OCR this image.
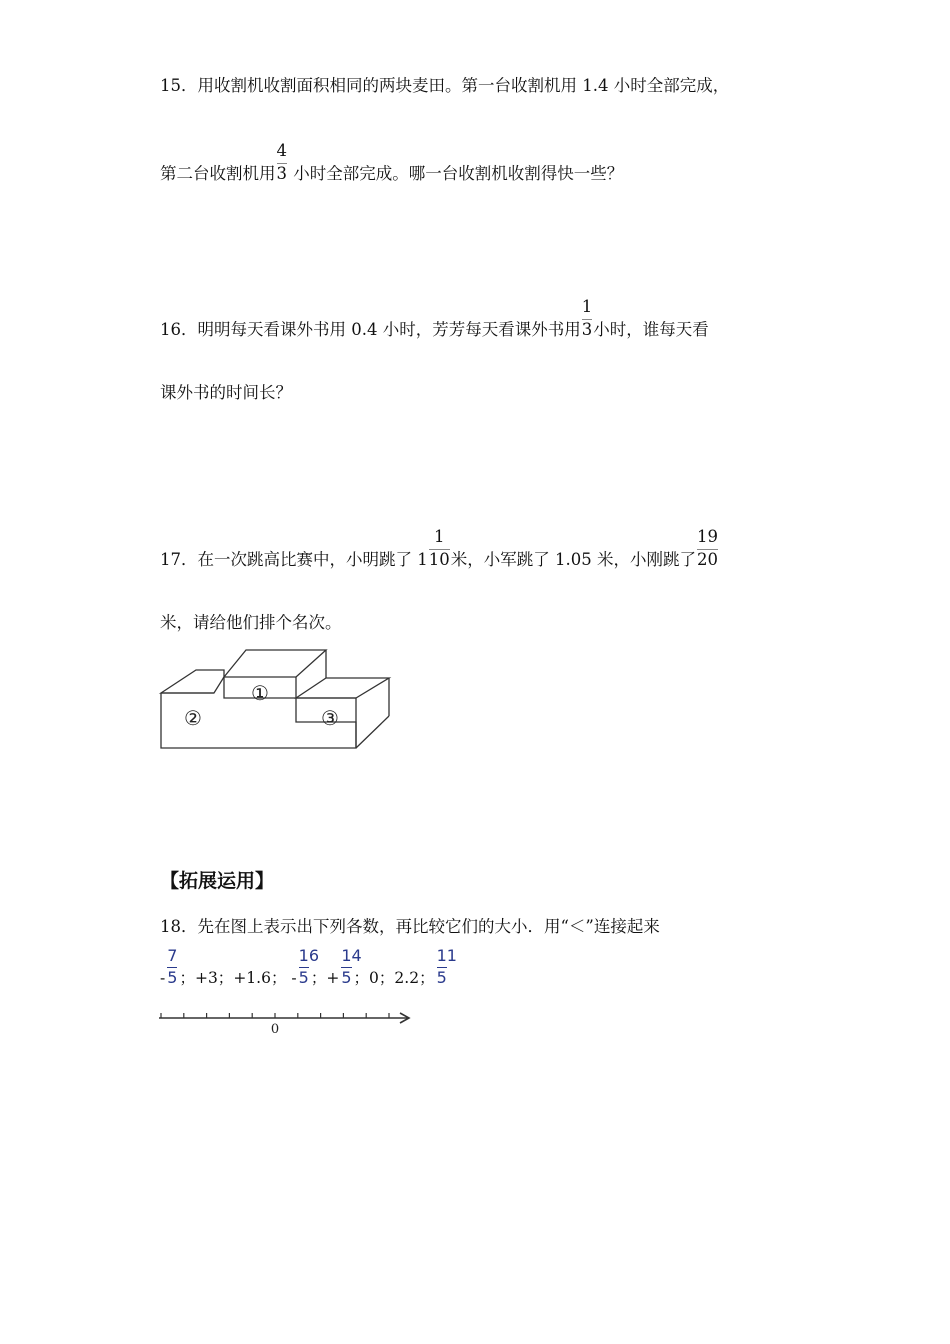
15．用收割机收割面积相同的两块麦田。第一台收割机用 1.4 小时全部完成，
第二台收割机用 $\frac{4}{3}$ 小时全部完成。哪一台收割机收割得快一些？
16．明明每天看课外书用 0.4 小时，芳芳每天看课外书用 $\frac{1}{3}$ 小时，谁每天看
课外书的时间长？
17．在一次跳高比赛中，小明跳了 $1 \frac{1}{10}$ 米，小军跳了 1.05 米，小刚跳了 $\frac{19}{20}$
米，请给他们排个名次。
①
②	③
【拓展运用】
18．先在图上表示出下列各数，再比较它们的大小．用“＜”连接起来
- $\frac{7}{5}$ ；+3；+1.6； - $\frac{16}{5}$ ；+ $\frac{14}{5}$ ；0；2.2； $\frac{11}{5}$
0
